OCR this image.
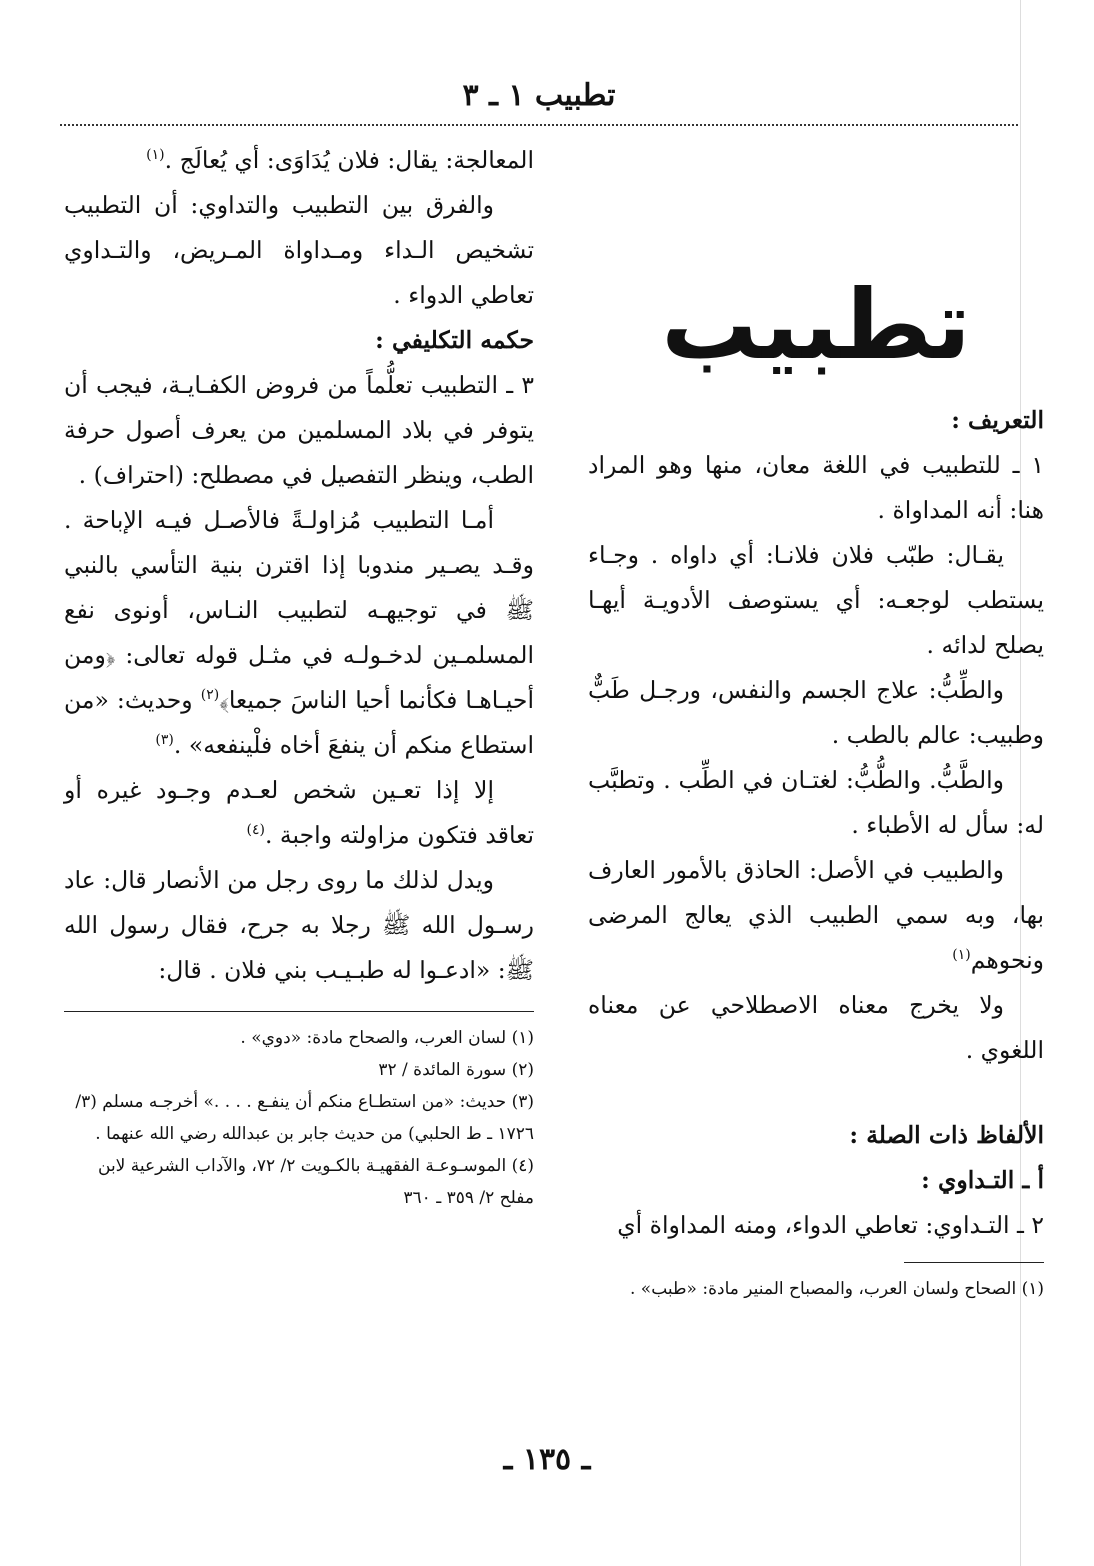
تطبيب ١ ـ ٣
تطبيب

التعريف :

١ ـ للتطبيب في اللغة معان، منها وهو المراد هنا: أنه المداواة .

يقـال: طبّب فلان فلانـا: أي داواه . وجـاء يستطب لوجعـه: أي يستوصف الأدويـة أيهـا يصلح لدائه .

والطِّبُّ: علاج الجسم والنفس، ورجـل طَبٌّ وطبيب: عالم بالطب .

والطَّبُّ. والطُّبُّ: لغتـان في الطِّب . وتطبَّب له: سأل له الأطباء .

والطبيب في الأصل: الحاذق بالأمور العارف بها، وبه سمي الطبيب الذي يعالج المرضى ونحوهم$^{(١)}$

ولا يخرج معناه الاصطلاحي عن معناه اللغوي .

الألفاظ ذات الصلة :

أ ـ التـداوي :

٢ ـ التـداوي: تعاطي الدواء، ومنه المداواة أي

(١) الصحاح ولسان العرب، والمصباح المنير مادة: «طبب» .

المعالجة: يقال: فلان يُدَاوَى: أي يُعالَج .$^{(١)}$

والفرق بين التطبيب والتداوي: أن التطبيب تشخيص الـداء ومـداواة المـريض، والتـداوي تعاطي الدواء .

حكمه التكليفي :

٣ ـ التطبيب تعلُّماً من فروض الكفـايـة، فيجب أن يتوفر في بلاد المسلمين من يعرف أصول حرفة الطب، وينظر التفصيل في مصطلح: (احتراف) .

أمـا التطبيب مُزاولـةً فالأصـل فيـه الإباحة . وقـد يصـير مندوبا إذا اقترن بنية التأسي بالنبي ﷺ في توجيهـه لتطبيب النـاس، أونوى نفع المسلمـين لدخـولـه في مثـل قوله تعالى: ﴿ومن أحيـاهـا فكأنما أحيا الناسَ جميعا﴾$^{(٢)}$ وحديث: «من استطاع منكم أن ينفعَ أخاه فلْينفعه» .$^{(٣)}$

إلا إذا تعـين شخص لعـدم وجـود غيره أو تعاقد فتكون مزاولته واجبة .$^{(٤)}$

ويدل لذلك ما روى رجل من الأنصار قال: عاد رسـول الله ﷺ رجلا به جرح، فقال رسول الله ﷺ: «ادعـوا له طبـيـب بني فلان . قال:

(١) لسان العرب، والصحاح مادة: «دوي» .

(٢) سورة المائدة / ٣٢

(٣) حديث: «من استطـاع منكم أن ينفـع . . . .» أخرجـه مسلم (٣/ ١٧٢٦ ـ ط الحلبي) من حديث جابر بن عبدالله رضي الله عنهما .

(٤) الموسـوعـة الفقهيـة بالكـويت ٢/ ٧٢، والآداب الشرعية لابن مفلح ٢/ ٣٥٩ ـ ٣٦٠

ـ ١٣٥ ـ
